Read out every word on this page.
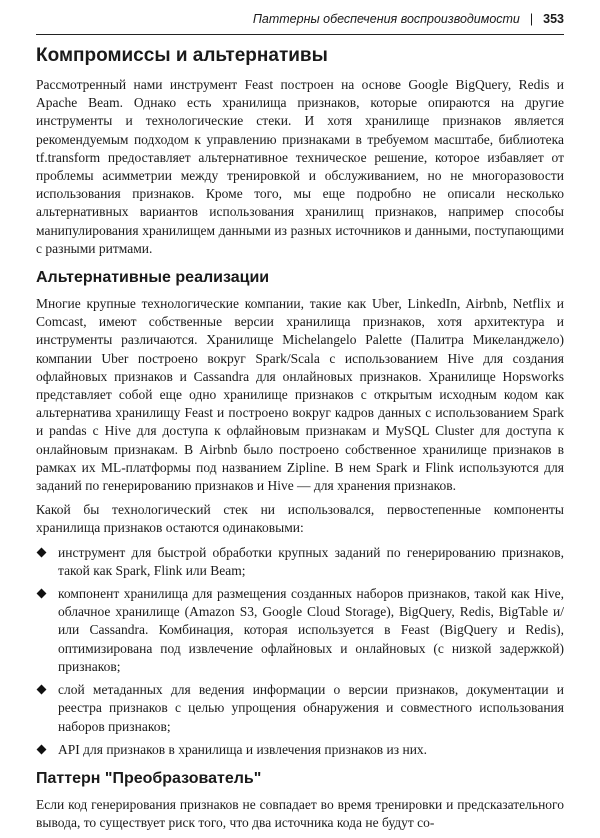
Паттерны обеспечения воспроизводимости | 353
Компромиссы и альтернативы

Рассмотренный нами инструмент Feast построен на основе Google BigQuery, Redis и Apache Beam. Однако есть хранилища признаков, которые опираются на другие инструменты и технологические стеки. И хотя хранилище признаков является рекомендуемым подходом к управлению признаками в требуемом масштабе, библиотека tf.transform предоставляет альтернативное техническое решение, которое избавляет от проблемы асимметрии между тренировкой и обслуживанием, но не многоразовости использования признаков. Кроме того, мы еще подробно не описали несколько альтернативных вариантов использования хранилищ признаков, например способы манипулирования хранилищем данными из разных источников и данными, поступающими с разными ритмами.

Альтернативные реализации

Многие крупные технологические компании, такие как Uber, LinkedIn, Airbnb, Netflix и Comcast, имеют собственные версии хранилища признаков, хотя архитектура и инструменты различаются. Хранилище Michelangelo Palette (Палитра Микеланджело) компании Uber построено вокруг Spark/Scala с использованием Hive для создания офлайновых признаков и Cassandra для онлайновых признаков. Хранилище Hopsworks представляет собой еще одно хранилище признаков с открытым исходным кодом как альтернатива хранилищу Feast и построено вокруг кадров данных с использованием Spark и pandas с Hive для доступа к офлайновым признакам и MySQL Cluster для доступа к онлайновым признакам. В Airbnb было построено собственное хранилище признаков в рамках их ML-платформы под названием Zipline. В нем Spark и Flink используются для заданий по генерированию признаков и Hive — для хранения признаков.

Какой бы технологический стек ни использовался, первостепенные компоненты хранилища признаков остаются одинаковыми:

инструмент для быстрой обработки крупных заданий по генерированию признаков, такой как Spark, Flink или Beam;
компонент хранилища для размещения созданных наборов признаков, такой как Hive, облачное хранилище (Amazon S3, Google Cloud Storage), BigQuery, Redis, BigTable и/или Cassandra. Комбинация, которая используется в Feast (BigQuery и Redis), оптимизирована под извлечение офлайновых и онлайновых (с низкой задержкой) признаков;
слой метаданных для ведения информации о версии признаков, документации и реестра признаков с целью упрощения обнаружения и совместного использования наборов признаков;
API для признаков в хранилища и извлечения признаков из них.
Паттерн "Преобразователь"

Если код генерирования признаков не совпадает во время тренировки и предсказательного вывода, то существует риск того, что два источника кода не будут со-
